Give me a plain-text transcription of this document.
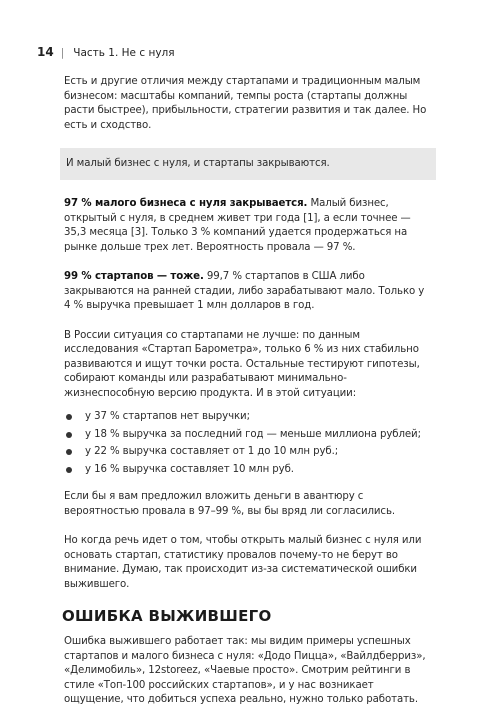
14 | Часть 1. Не с нуля

Есть и другие отличия между стартапами и традиционным малым бизнесом: масштабы компаний, темпы роста (стартапы должны расти быстрее), прибыльности, стратегии развития и так далее. Но есть и сходство.

И малый бизнес с нуля, и стартапы закрываются.

97 % малого бизнеса с нуля закрывается. Малый бизнес, открытый с нуля, в среднем живет три года [1], а если точнее — 35,3 месяца [3]. Только 3 % компаний удается продержаться на рынке дольше трех лет. Вероятность провала — 97 %.

99 % стартапов — тоже. 99,7 % стартапов в США либо закрываются на ранней стадии, либо зарабатывают мало. Только у 4 % выручка превышает 1 млн долларов в год.

В России ситуация со стартапами не лучше: по данным исследования «Стартап Барометра», только 6 % из них стабильно развиваются и ищут точки роста. Остальные тестируют гипотезы, собирают команды или разрабатывают минимально-жизнеспособную версию продукта. И в этой ситуации:

у 37 % стартапов нет выручки;
у 18 % выручка за последний год — меньше миллиона рублей;
у 22 % выручка составляет от 1 до 10 млн руб.;
у 16 % выручка составляет 10 млн руб.

Если бы я вам предложил вложить деньги в авантюру с вероятностью провала в 97–99 %, вы бы вряд ли согласились.

Но когда речь идет о том, чтобы открыть малый бизнес с нуля или основать стартап, статистику провалов почему-то не берут во внимание. Думаю, так происходит из-за систематической ошибки выжившего.

ОШИБКА ВЫЖИВШЕГО

Ошибка выжившего работает так: мы видим примеры успешных стартапов и малого бизнеса с нуля: «Додо Пицца», «Вайлдберриз», «Делимобиль», 12storeez, «Чаевые просто». Смотрим рейтинги в стиле «Топ-100 российских стартапов», и у нас возникает ощущение, что добиться успеха реально, нужно только работать.
